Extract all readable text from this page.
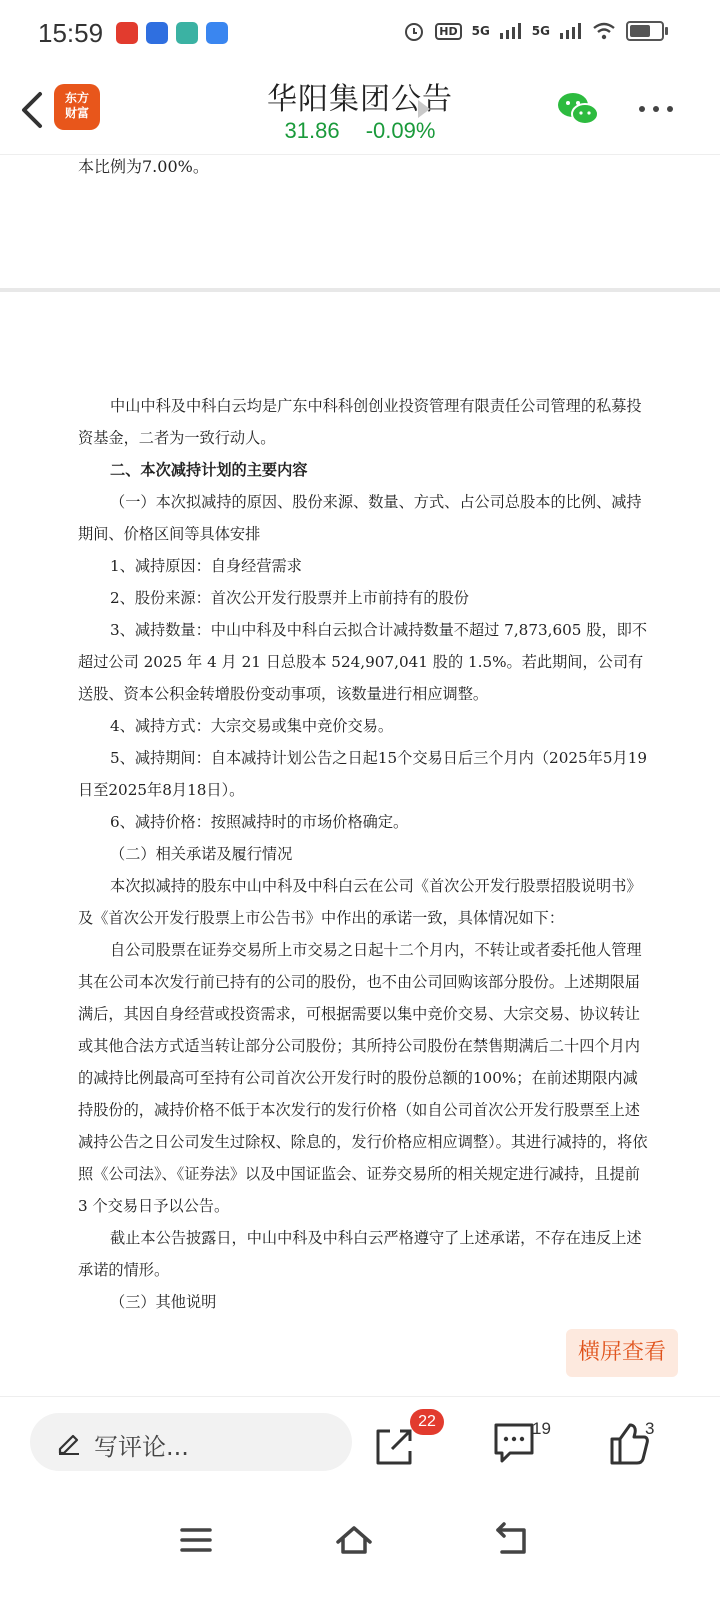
15:59	HD	5G	5G
东方
财富	华阳集团公告
31.86 -0.09%
本比例为7.00%。

中山中科及中科白云均是广东中科科创创业投资管理有限责任公司管理的私募投资基金，二者为一致行动人。

二、本次减持计划的主要内容

（一）本次拟减持的原因、股份来源、数量、方式、占公司总股本的比例、减持期间、价格区间等具体安排

1、减持原因：自身经营需求

2、股份来源：首次公开发行股票并上市前持有的股份

3、减持数量：中山中科及中科白云拟合计减持数量不超过 7,873,605 股，即不超过公司 2025 年 4 月 21 日总股本 524,907,041 股的 1.5%。若此期间，公司有送股、资本公积金转增股份变动事项，该数量进行相应调整。

4、减持方式：大宗交易或集中竞价交易。

5、减持期间：自本减持计划公告之日起15个交易日后三个月内（2025年5月19日至2025年8月18日）。

6、减持价格：按照减持时的市场价格确定。

（二）相关承诺及履行情况

本次拟减持的股东中山中科及中科白云在公司《首次公开发行股票招股说明书》及《首次公开发行股票上市公告书》中作出的承诺一致，具体情况如下：

自公司股票在证券交易所上市交易之日起十二个月内，不转让或者委托他人管理其在公司本次发行前已持有的公司的股份，也不由公司回购该部分股份。上述期限届满后，其因自身经营或投资需求，可根据需要以集中竞价交易、大宗交易、协议转让或其他合法方式适当转让部分公司股份；其所持公司股份在禁售期满后二十四个月内的减持比例最高可至持有公司首次公开发行时的股份总额的100%；在前述期限内减持股份的，减持价格不低于本次发行的发行价格（如自公司首次公开发行股票至上述减持公告之日公司发生过除权、除息的，发行价格应相应调整）。其进行减持的，将依照《公司法》、《证券法》以及中国证监会、证券交易所的相关规定进行减持，且提前 3 个交易日予以公告。

截止本公告披露日，中山中科及中科白云严格遵守了上述承诺，不存在违反上述承诺的情形。

（三）其他说明

横屏查看
写评论...
22	19	3
